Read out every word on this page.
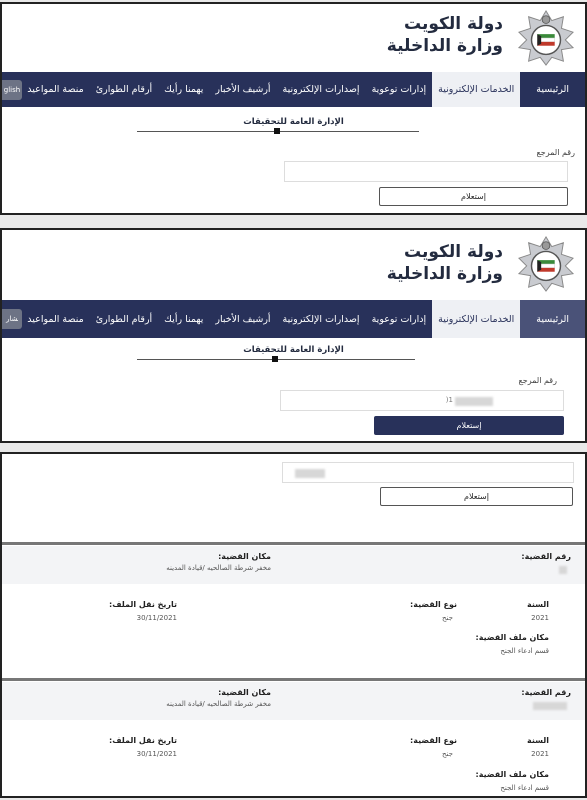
دولة الكويت
وزارة الداخلية
الرئيسية
الخدمات الإلكترونية
إدارات توعوية
إصدارات الإلكترونية
أرشيف الأخبار
يهمنا رأيك
أرقام الطوارئ
منصة المواعيد
glish
الإدارة العامة للتحقيقات
رقم المرجع
إستعلام
دولة الكويت
وزارة الداخلية
الرئيسية
الخدمات الإلكترونية
إدارات توعوية
إصدارات الإلكترونية
أرشيف الأخبار
يهمنا رأيك
أرقام الطوارئ
منصة المواعيد
ﺸﺎﺭ
الإدارة العامة للتحقيقات
رقم المرجع
1(
إستعلام
إستعلام
رقم القضية:
مكان القضية:
مخفر شرطة الصالحيه /قيادة المدينه
السنة
2021
نوع القضية:
جنح
تاريخ نقل الملف:
30/11/2021
مكان ملف القضية:
قسم ادعاء الجنح
رقم القضية:
مكان القضية:
مخفر شرطة الصالحيه /قيادة المدينه
السنة
2021
نوع القضية:
جنح
تاريخ نقل الملف:
30/11/2021
مكان ملف القضية:
قسم ادعاء الجنح
